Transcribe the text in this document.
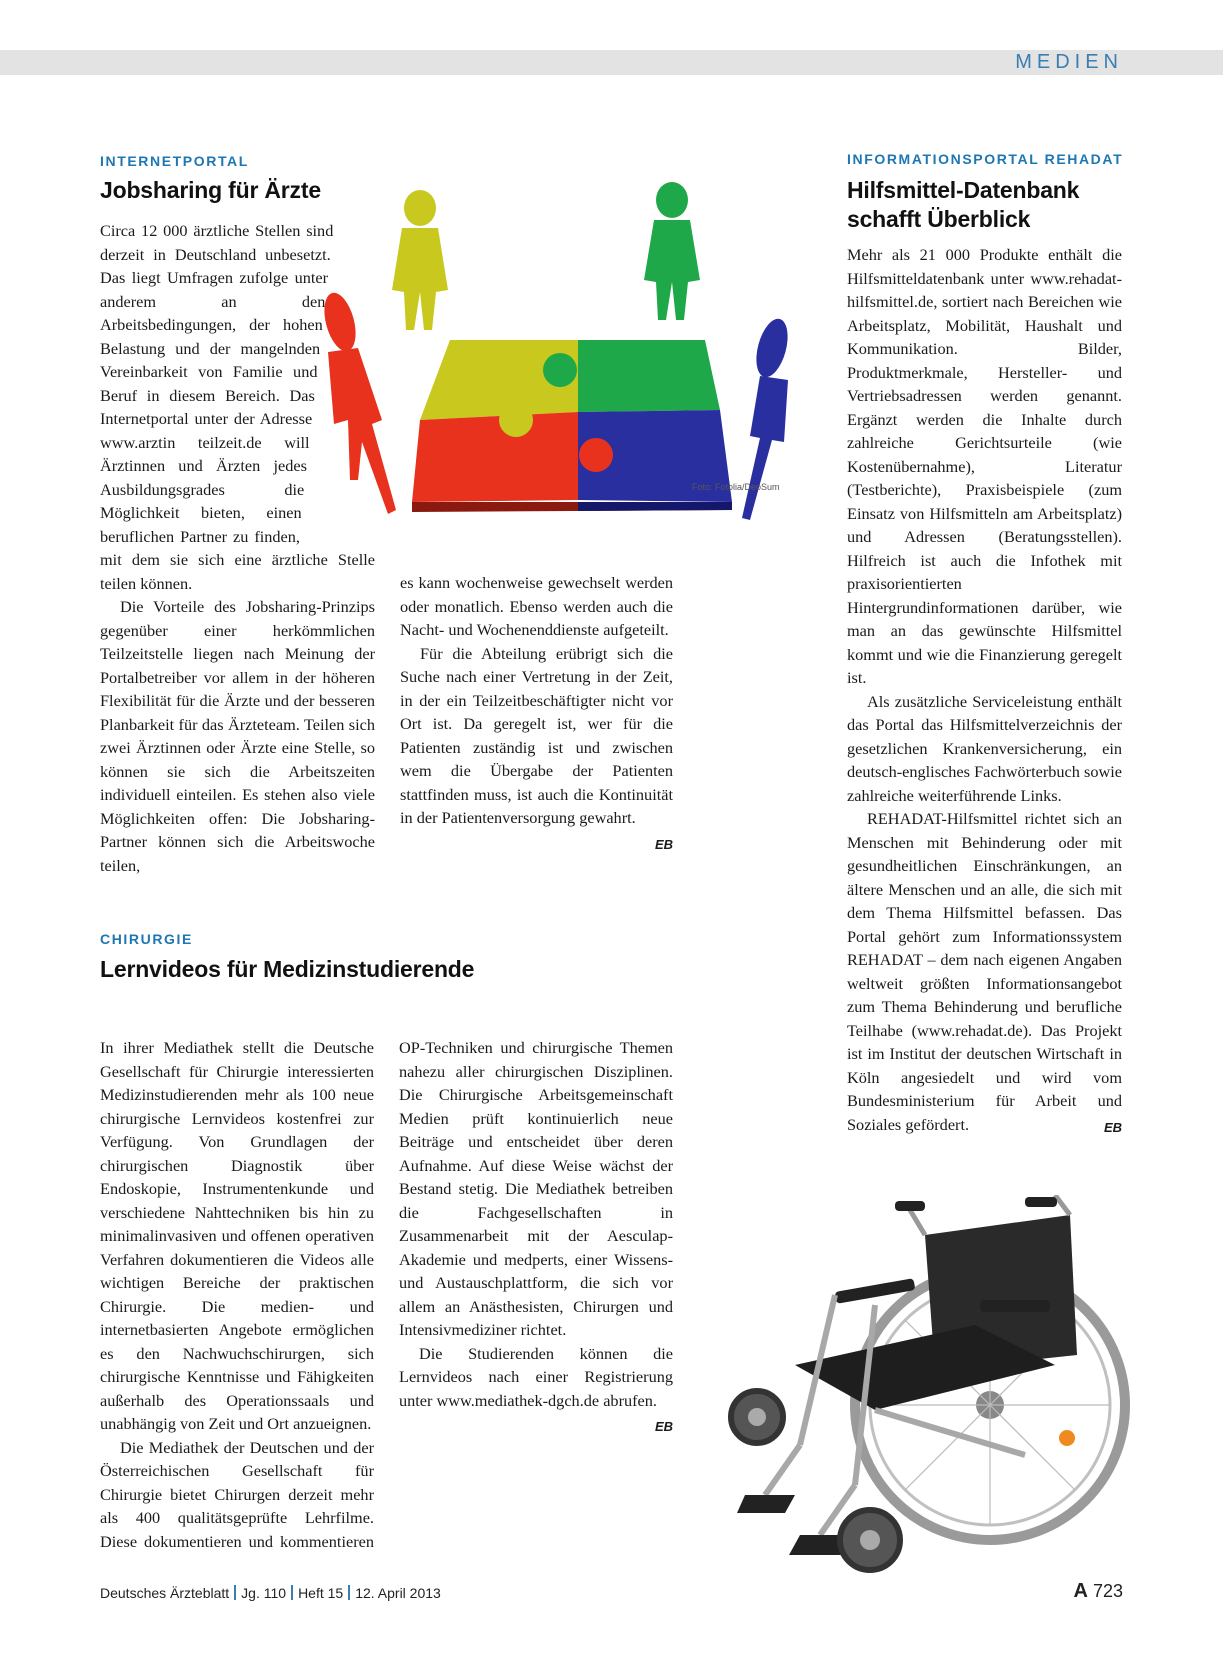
MEDIEN
INTERNETPORTAL
Jobsharing für Ärzte

Circa 12 000 ärztliche Stellen sind derzeit in Deutschland unbesetzt. Das liegt Umfragen zufolge unter anderem an den Arbeitsbedingungen, der hohen Belastung und der mangelnden Vereinbarkeit von Familie und Beruf in diesem Bereich. Das Internetportal unter der Adresse www.arztin teilzeit.de will Ärztinnen und Ärzten jedes Ausbildungsgrades die Möglichkeit bieten, einen beruflichen Partner zu finden, mit dem sie sich eine ärztliche Stelle teilen können.

Die Vorteile des Jobsharing-Prinzips gegenüber einer herkömmlichen Teilzeitstelle liegen nach Meinung der Portalbetreiber vor allem in der höheren Flexibilität für die Ärzte und der besseren Planbarkeit für das Ärzteteam. Teilen sich zwei Ärztinnen oder Ärzte eine Stelle, so können sie sich die Arbeitszeiten individuell einteilen. Es stehen also viele Möglichkeiten offen: Die Jobsharing-Partner können sich die Arbeitswoche teilen,

es kann wochenweise gewechselt werden oder monatlich. Ebenso werden auch die Nacht- und Wochenenddienste aufgeteilt.

Für die Abteilung erübrigt sich die Suche nach einer Vertretung in der Zeit, in der ein Teilzeitbeschäftigter nicht vor Ort ist. Da geregelt ist, wer für die Patienten zuständig ist und zwischen wem die Übergabe der Patienten stattfinden muss, ist auch die Kontinuität in der Patientenversorgung gewahrt.
EB

Foto: Fotolia/DeoSum
CHIRURGIE
Lernvideos für Medizinstudierende

In ihrer Mediathek stellt die Deutsche Gesellschaft für Chirurgie interessierten Medizinstudierenden mehr als 100 neue chirurgische Lernvideos kostenfrei zur Verfügung. Von Grundlagen der chirurgischen Diagnostik über Endoskopie, Instrumentenkunde und verschiedene Nahttechniken bis hin zu minimalinvasiven und offenen operativen Verfahren dokumentieren die Videos alle wichtigen Bereiche der praktischen Chirurgie. Die medien- und internetbasierten Angebote ermöglichen es den Nachwuchschirurgen, sich chirurgische Kenntnisse und Fähigkeiten außerhalb des Operationssaals und unabhängig von Zeit und Ort anzueignen.

Die Mediathek der Deutschen und der Österreichischen Gesellschaft für Chirurgie bietet Chirurgen derzeit mehr als 400 qualitätsgeprüfte Lehrfilme. Diese dokumentieren und kommentieren OP-Techniken und chirurgische Themen nahezu aller chirurgischen Disziplinen. Die Chirurgische Arbeitsgemeinschaft Medien prüft kontinuierlich neue Beiträge und entscheidet über deren Aufnahme. Auf diese Weise wächst der Bestand stetig. Die Mediathek betreiben die Fachgesellschaften in Zusammenarbeit mit der Aesculap-Akademie und medperts, einer Wissens- und Austauschplattform, die sich vor allem an Anästhesisten, Chirurgen und Intensivmediziner richtet.

Die Studierenden können die Lernvideos nach einer Registrierung unter www.mediathek-dgch.de abrufen.
EB

INFORMATIONSPORTAL REHADAT
Hilfsmittel-Datenbank schafft Überblick

Mehr als 21 000 Produkte enthält die Hilfsmitteldatenbank unter www.rehadat-hilfsmittel.de, sortiert nach Bereichen wie Arbeitsplatz, Mobilität, Haushalt und Kommunikation. Bilder, Produktmerkmale, Hersteller- und Vertriebsadressen werden genannt. Ergänzt werden die Inhalte durch zahlreiche Gerichtsurteile (wie Kostenübernahme), Literatur (Testberichte), Praxisbeispiele (zum Einsatz von Hilfsmitteln am Arbeitsplatz) und Adressen (Beratungsstellen). Hilfreich ist auch die Infothek mit praxisorientierten Hintergrundinformationen darüber, wie man an das gewünschte Hilfsmittel kommt und wie die Finanzierung geregelt ist.

Als zusätzliche Serviceleistung enthält das Portal das Hilfsmittelverzeichnis der gesetzlichen Krankenversicherung, ein deutsch-englisches Fachwörterbuch sowie zahlreiche weiterführende Links.

REHADAT-Hilfsmittel richtet sich an Menschen mit Behinderung oder mit gesundheitlichen Einschränkungen, an ältere Menschen und an alle, die sich mit dem Thema Hilfsmittel befassen. Das Portal gehört zum Informationssystem REHADAT – dem nach eigenen Angaben weltweit größten Informationsangebot zum Thema Behinderung und berufliche Teilhabe (www.rehadat.de). Das Projekt ist im Institut der deutschen Wirtschaft in Köln angesiedelt und wird vom Bundesministerium für Arbeit und Soziales gefördert.	EB

Deutsches Ärzteblatt Jg. 110 Heft 15 12. April 2013	A 723
